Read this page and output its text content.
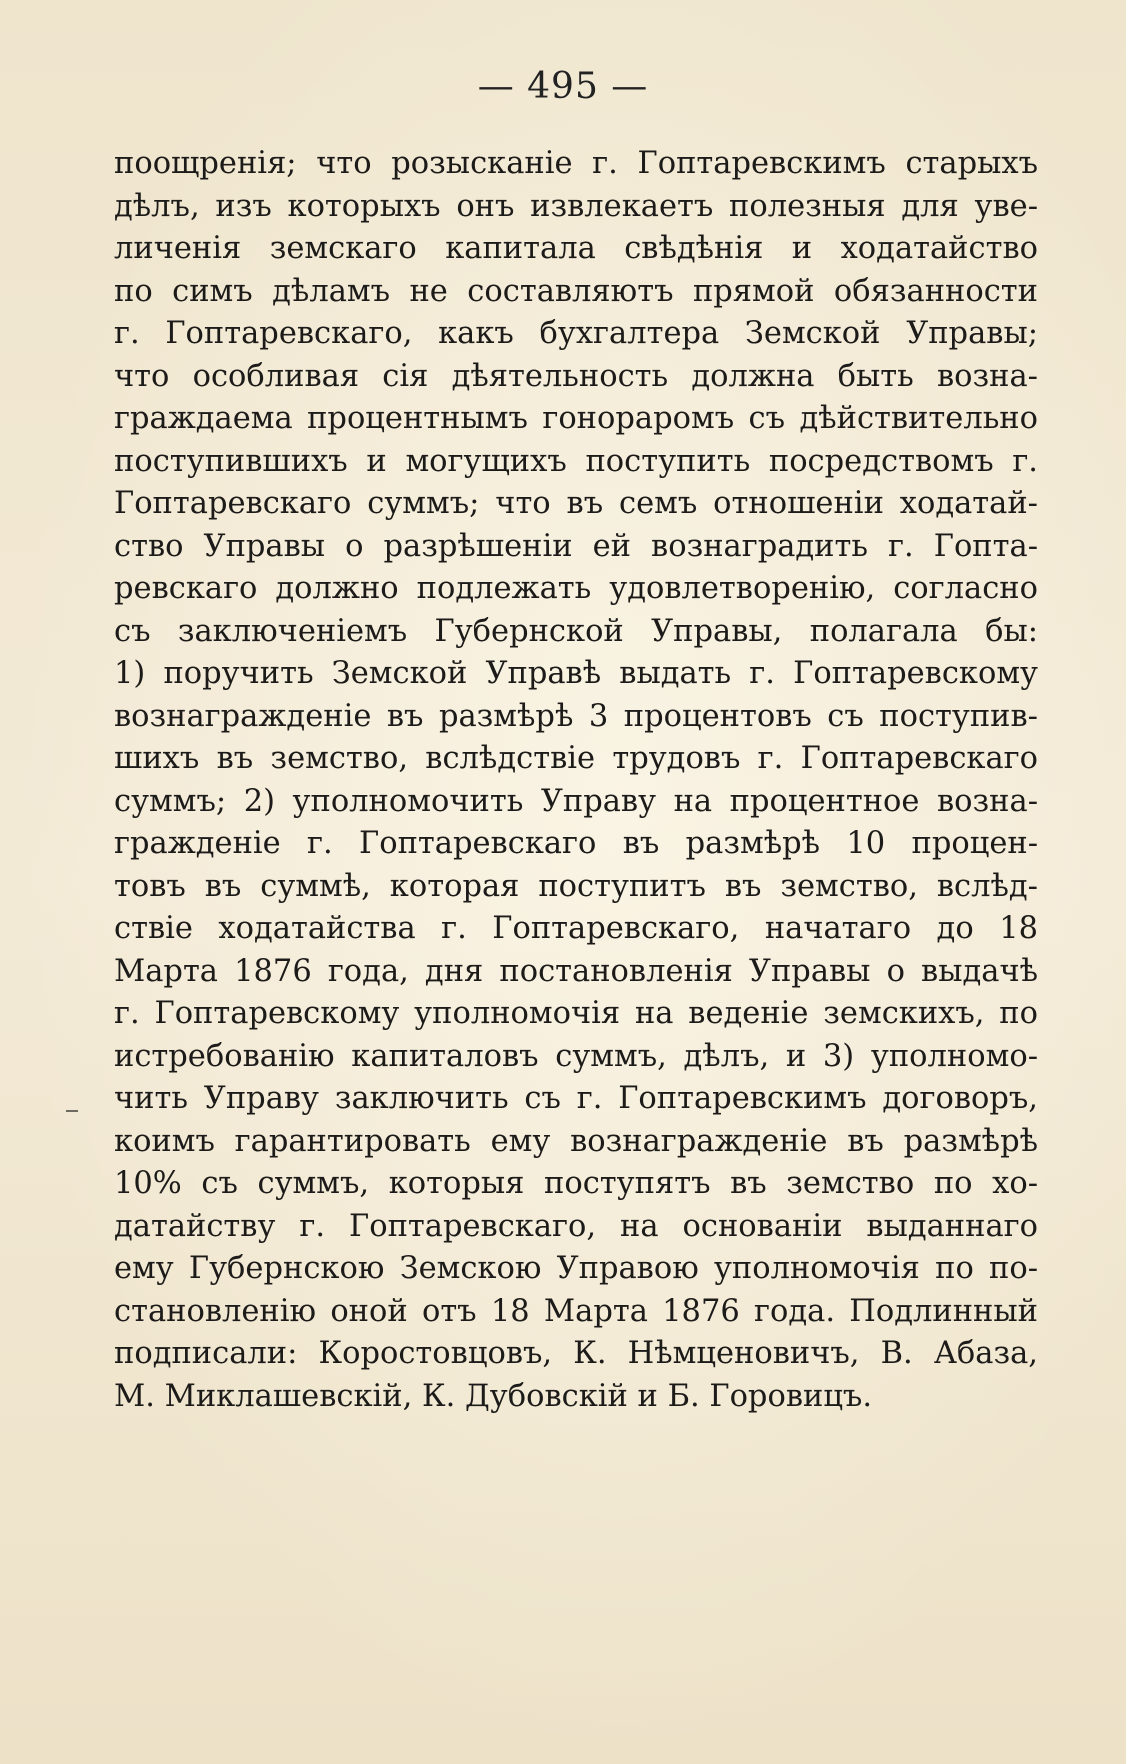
— 495 —
поощренія; что розысканіе г. Гоптаревскимъ старыхъ
дѣлъ, изъ которыхъ онъ извлекаетъ полезныя для уве-
личенія земскаго капитала свѣдѣнія и ходатайство
по симъ дѣламъ не составляютъ прямой обязанности
г. Гоптаревскаго, какъ бухгалтера Земской Управы;
что особливая сія дѣятельность должна быть возна-
граждаема процентнымъ гонораромъ съ дѣйствительно
поступившихъ и могущихъ поступить посредствомъ г.
Гоптаревскаго суммъ; что въ семъ отношеніи ходатай-
ство Управы о разрѣшеніи ей вознаградить г. Гопта-
ревскаго должно подлежать удовлетворенію, согласно
съ заключеніемъ Губернской Управы, полагала бы:
1) поручить Земской Управѣ выдать г. Гоптаревскому
вознагражденіе въ размѣрѣ 3 процентовъ съ поступив-
шихъ въ земство, вслѣдствіе трудовъ г. Гоптаревскаго
суммъ; 2) уполномочить Управу на процентное возна-
гражденіе г. Гоптаревскаго въ размѣрѣ 10 процен-
товъ въ суммѣ, которая поступитъ въ земство, вслѣд-
ствіе ходатайства г. Гоптаревскаго, начатаго до 18
Марта 1876 года, дня постановленія Управы о выдачѣ
г. Гоптаревскому уполномочія на веденіе земскихъ, по
истребованію капиталовъ суммъ, дѣлъ, и 3) уполномо-
чить Управу заключить съ г. Гоптаревскимъ договоръ,
коимъ гарантировать ему вознагражденіе въ размѣрѣ
10% съ суммъ, которыя поступятъ въ земство по хо-
датайству г. Гоптаревскаго, на основаніи выданнаго
ему Губернскою Земскою Управою уполномочія по по-
становленію оной отъ 18 Марта 1876 года. Подлинный
подписали: Коростовцовъ, К. Нѣмценовичъ, В. Абаза,
М. Миклашевскій, К. Дубовскій и Б. Горовицъ.
